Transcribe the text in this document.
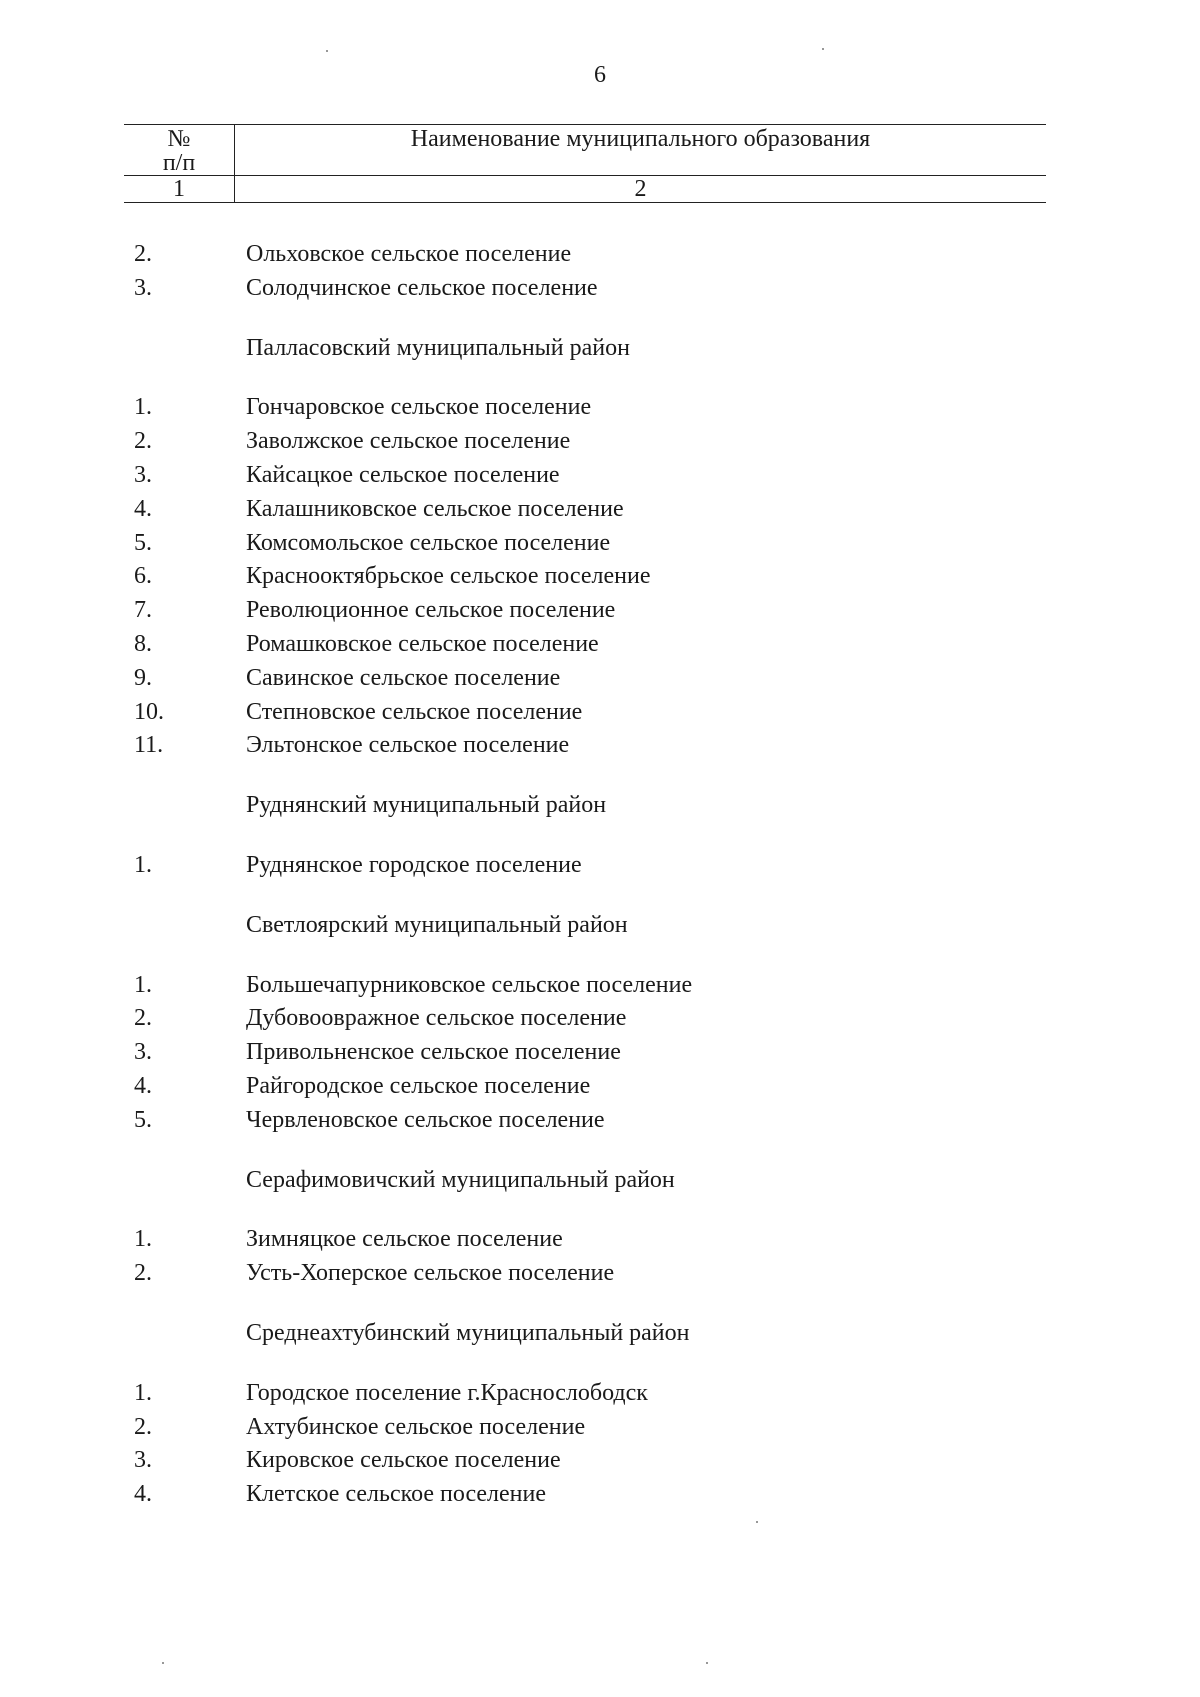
6
№
п/п	Наименование муниципального образования
1	2
2.	Ольховское сельское поселение
3.	Солодчинское сельское поселение
Палласовский муниципальный район
1.	Гончаровское сельское поселение
2.	Заволжское сельское поселение
3.	Кайсацкое сельское поселение
4.	Калашниковское сельское поселение
5.	Комсомольское сельское поселение
6.	Краснооктябрьское сельское поселение
7.	Революционное сельское поселение
8.	Ромашковское сельское поселение
9.	Савинское сельское поселение
10.	Степновское сельское поселение
11.	Эльтонское сельское поселение
Руднянский муниципальный район
1.	Руднянское городское поселение
Светлоярский муниципальный район
1.	Большечапурниковское сельское поселение
2.	Дубовоовражное сельское поселение
3.	Привольненское сельское поселение
4.	Райгородское сельское поселение
5.	Червленовское сельское поселение
Серафимовичский муниципальный район
1.	Зимняцкое сельское поселение
2.	Усть-Хоперское сельское поселение
Среднеахтубинский муниципальный район
1.	Городское поселение г.Краснослободск
2.	Ахтубинское сельское поселение
3.	Кировское сельское поселение
4.	Клетское сельское поселение
